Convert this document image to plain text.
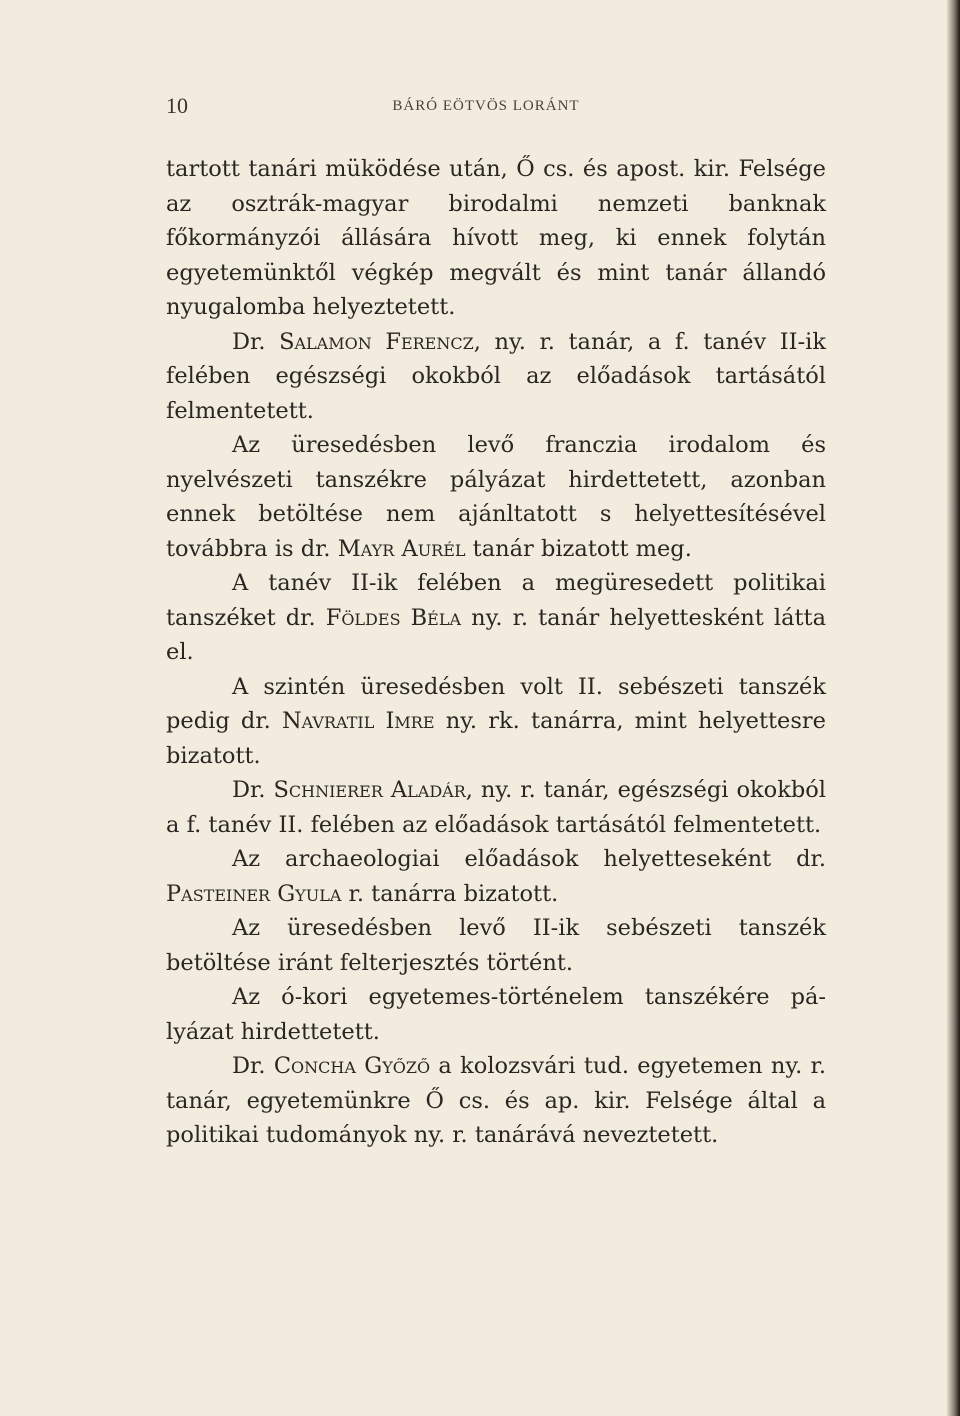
10	BÁRÓ EÖTVÖS LORÁNT

tartott tanári müködése után, Ő cs. és apost. kir. Felsége az osztrák-magyar birodalmi nemzeti banknak főkormányzói állására hívott meg, ki ennek folytán egyetemünktől végkép megvált és mint tanár állandó nyugalomba helyeztetett.

Dr. Salamon Ferencz, ny. r. tanár, a f. tanév II-ik felében egészségi okokból az előadások tartásától felmentetett.

Az üresedésben levő franczia irodalom és nyelvészeti tanszékre pályázat hirdettetett, azonban ennek betöltése nem ajánltatott s helyettesítésével továbbra is dr. Mayr Aurél tanár bizatott meg.

A tanév II-ik felében a megüresedett politikai tanszéket dr. Földes Béla ny. r. tanár helyettesként látta el.

A szintén üresedésben volt II. sebészeti tanszék pedig dr. Navratil Imre ny. rk. tanárra, mint helyettesre bizatott.

Dr. Schnierer Aladár, ny. r. tanár, egészségi okokból a f. tanév II. felében az előadások tartásától felmentetett.

Az archaeologiai előadások helyetteseként dr. Pasteiner Gyula r. tanárra bizatott.

Az üresedésben levő II-ik sebészeti tanszék betöltése iránt felterjesztés történt.

Az ó-kori egyetemes-történelem tanszékére pályázat hirdettetett.

Dr. Concha Győző a kolozsvári tud. egyetemen ny. r. tanár, egyetemünkre Ő cs. és ap. kir. Felsége által a politikai tudományok ny. r. tanárává neveztetett.
